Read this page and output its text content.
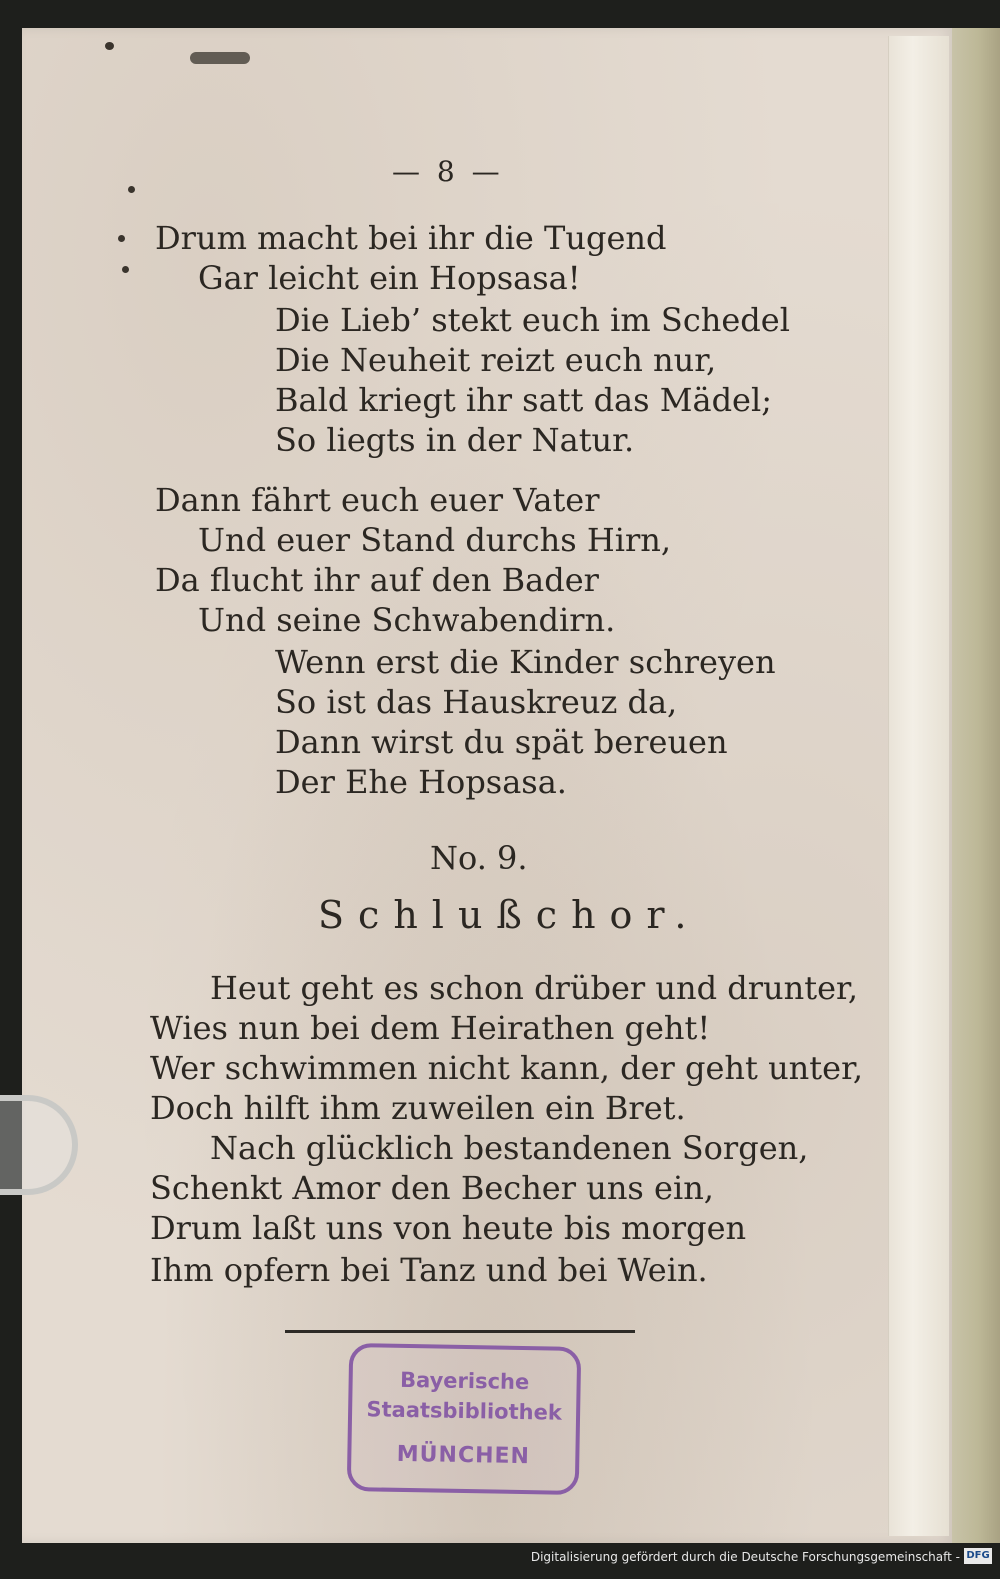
— 8 —
Drum macht bei ihr die Tugend
Gar leicht ein Hopsasa!
Die Lieb’ stekt euch im Schedel
Die Neuheit reizt euch nur,
Bald kriegt ihr satt das Mädel;
So liegts in der Natur.
Dann fährt euch euer Vater
Und euer Stand durchs Hirn,
Da flucht ihr auf den Bader
Und seine Schwabendirn.
Wenn erst die Kinder schreyen
So ist das Hauskreuz da,
Dann wirst du spät bereuen
Der Ehe Hopsasa.
No. 9.
Schlußchor.
Heut geht es schon drüber und drunter,
Wies nun bei dem Heirathen geht!
Wer schwimmen nicht kann, der geht unter,
Doch hilft ihm zuweilen ein Bret.
Nach glücklich bestandenen Sorgen,
Schenkt Amor den Becher uns ein,
Drum laßt uns von heute bis morgen
Ihm opfern bei Tanz und bei Wein.
Bayerische
Staatsbibliothek
MÜNCHEN
Digitalisierung gefördert durch die Deutsche Forschungsgemeinschaft - DFG
